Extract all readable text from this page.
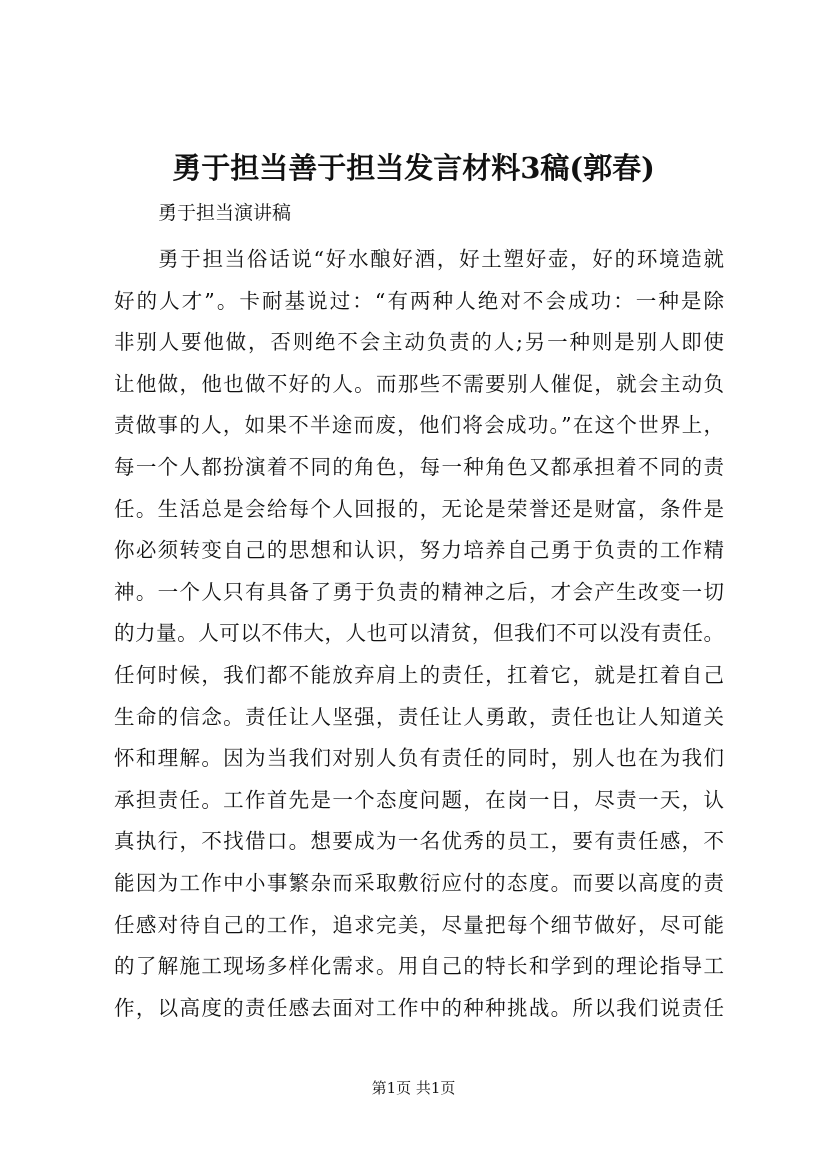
勇于担当善于担当发言材料3稿(郭春)
勇于担当演讲稿
勇于担当俗话说“好水酿好酒，好土塑好壶，好的环境造就
好的人才”。卡耐基说过：“有两种人绝对不会成功：一种是除
非别人要他做，否则绝不会主动负责的人;另一种则是别人即使
让他做，他也做不好的人。而那些不需要别人催促，就会主动负
责做事的人，如果不半途而废，他们将会成功。”在这个世界上，
每一个人都扮演着不同的角色，每一种角色又都承担着不同的责
任。生活总是会给每个人回报的，无论是荣誉还是财富，条件是
你必须转变自己的思想和认识，努力培养自己勇于负责的工作精
神。一个人只有具备了勇于负责的精神之后，才会产生改变一切
的力量。人可以不伟大，人也可以清贫，但我们不可以没有责任。
任何时候，我们都不能放弃肩上的责任，扛着它，就是扛着自己
生命的信念。责任让人坚强，责任让人勇敢，责任也让人知道关
怀和理解。因为当我们对别人负有责任的同时，别人也在为我们
承担责任。工作首先是一个态度问题，在岗一日，尽责一天，认
真执行，不找借口。想要成为一名优秀的员工，要有责任感，不
能因为工作中小事繁杂而采取敷衍应付的态度。而要以高度的责
任感对待自己的工作，追求完美，尽量把每个细节做好，尽可能
的了解施工现场多样化需求。用自己的特长和学到的理论指导工
作，以高度的责任感去面对工作中的种种挑战。所以我们说责任
第1页 共1页
